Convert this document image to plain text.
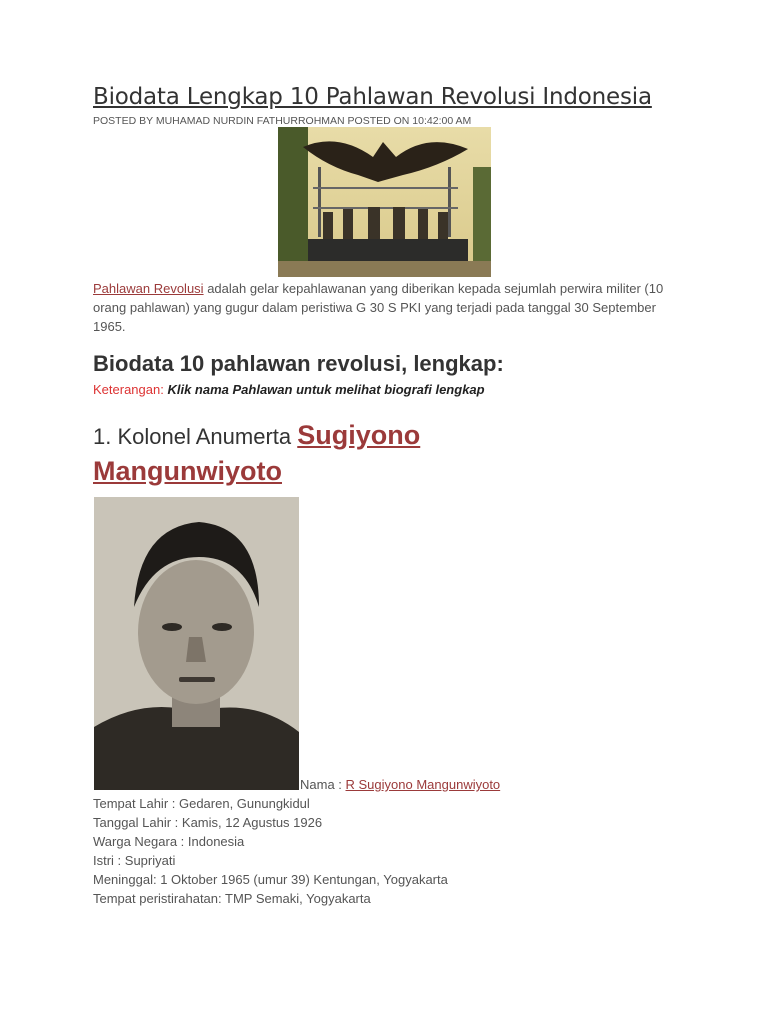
Biodata Lengkap 10 Pahlawan Revolusi Indonesia
POSTED BY MUHAMAD NURDIN FATHURROHMAN POSTED ON 10:42:00 AM
Pahlawan Revolusi adalah gelar kepahlawanan yang diberikan kepada sejumlah perwira militer (10 orang pahlawan) yang gugur dalam peristiwa G 30 S PKI yang terjadi pada tanggal 30 September 1965.
Biodata 10 pahlawan revolusi, lengkap:
Keterangan: Klik nama Pahlawan untuk melihat biografi lengkap
1. Kolonel Anumerta Sugiyono Mangunwiyoto
Nama : R Sugiyono Mangunwiyoto
Tempat Lahir : Gedaren, Gunungkidul
Tanggal Lahir : Kamis, 12 Agustus 1926
Warga Negara : Indonesia
Istri : Supriyati
Meninggal: 1 Oktober 1965 (umur 39) Kentungan, Yogyakarta
Tempat peristirahatan: TMP Semaki, Yogyakarta
